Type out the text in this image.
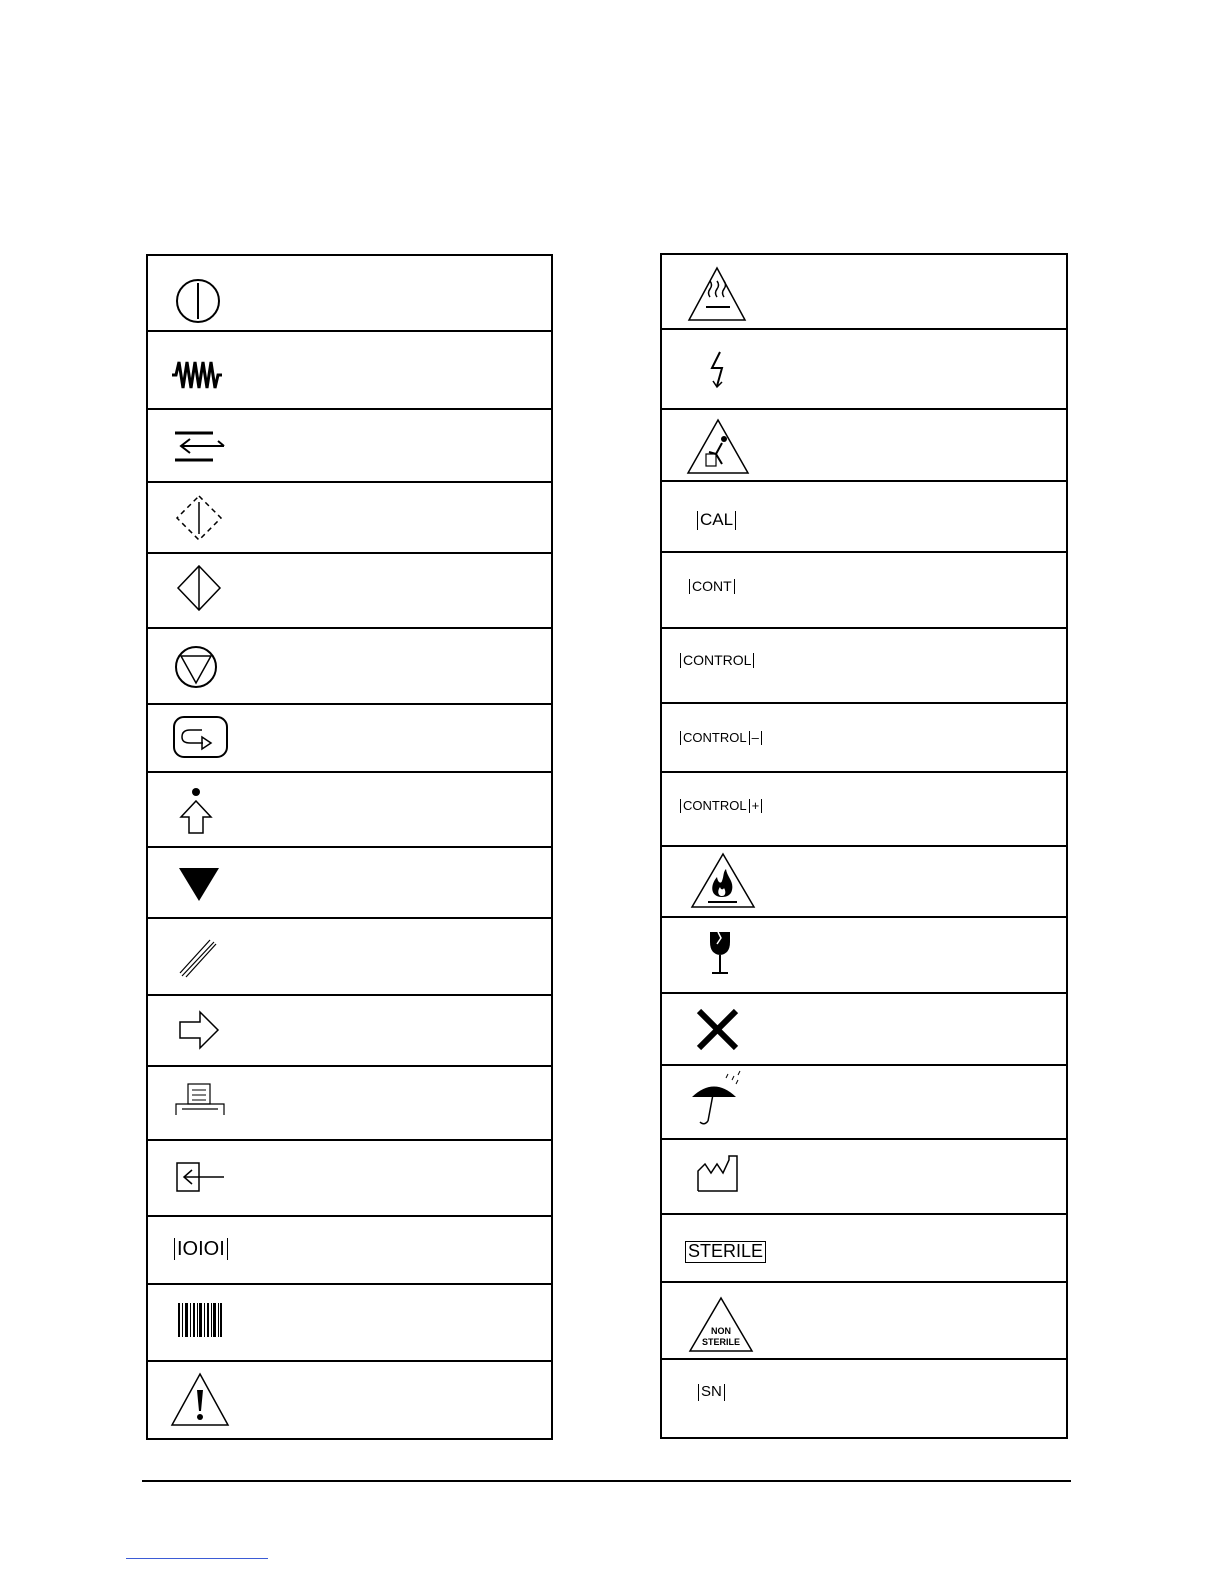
IOIOI
CAL
CONT
CONTROL
CONTROL –
CONTROL +
STERILE
NON
STERILE
SN
